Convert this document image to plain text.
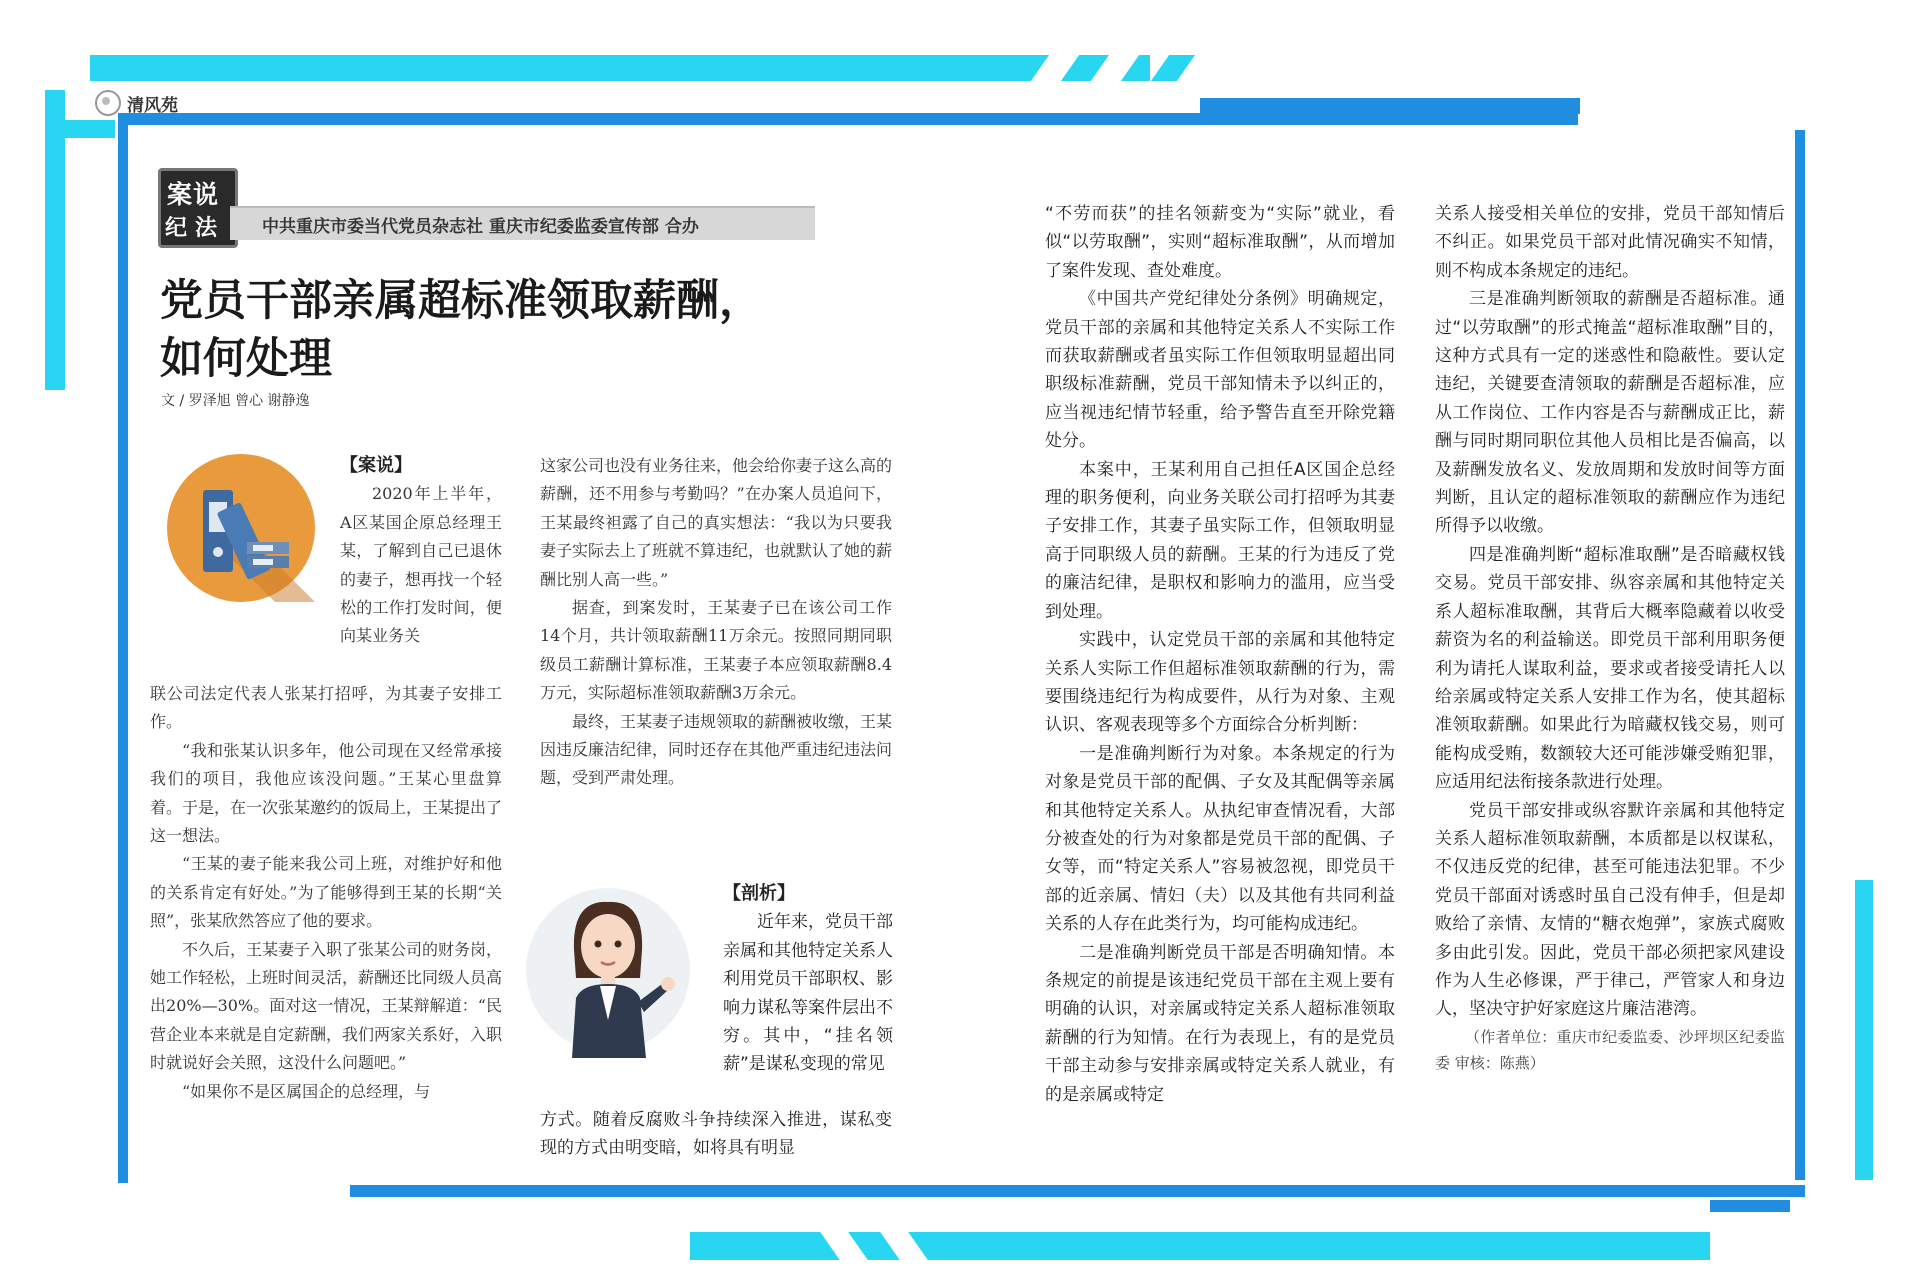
清风苑
案说
纪法 中共重庆市委当代党员杂志社 重庆市纪委监委宣传部 合办
党员干部亲属超标准领取薪酬，
如何处理
文 / 罗泽旭 曾心 谢静逸

【案说】

2020年上半年，A区某国企原总经理王某，了解到自己已退休的妻子，想再找一个轻松的工作打发时间，便向某业务关

联公司法定代表人张某打招呼，为其妻子安排工作。

“我和张某认识多年，他公司现在又经常承接我们的项目，我他应该没问题。”王某心里盘算着。于是，在一次张某邀约的饭局上，王某提出了这一想法。

“王某的妻子能来我公司上班，对维护好和他的关系肯定有好处。”为了能够得到王某的长期“关照”，张某欣然答应了他的要求。

不久后，王某妻子入职了张某公司的财务岗，她工作轻松，上班时间灵活，薪酬还比同级人员高出20%—30%。面对这一情况，王某辩解道：“民营企业本来就是自定薪酬，我们两家关系好，入职时就说好会关照，这没什么问题吧。”

“如果你不是区属国企的总经理，与

这家公司也没有业务往来，他会给你妻子这么高的薪酬，还不用参与考勤吗？”在办案人员追问下，王某最终袒露了自己的真实想法：“我以为只要我妻子实际去上了班就不算违纪，也就默认了她的薪酬比别人高一些。”

据查，到案发时，王某妻子已在该公司工作14个月，共计领取薪酬11万余元。按照同期同职级员工薪酬计算标准，王某妻子本应领取薪酬8.4万元，实际超标准领取薪酬3万余元。

最终，王某妻子违规领取的薪酬被收缴，王某因违反廉洁纪律，同时还存在其他严重违纪违法问题，受到严肃处理。

【剖析】

近年来，党员干部亲属和其他特定关系人利用党员干部职权、影响力谋私等案件层出不穷。其中，“挂名领薪”是谋私变现的常见

方式。随着反腐败斗争持续深入推进，谋私变现的方式由明变暗，如将具有明显

“不劳而获”的挂名领薪变为“实际”就业，看似“以劳取酬”，实则“超标准取酬”，从而增加了案件发现、查处难度。

《中国共产党纪律处分条例》明确规定，党员干部的亲属和其他特定关系人不实际工作而获取薪酬或者虽实际工作但领取明显超出同职级标准薪酬，党员干部知情未予以纠正的，应当视违纪情节轻重，给予警告直至开除党籍处分。

本案中，王某利用自己担任A区国企总经理的职务便利，向业务关联公司打招呼为其妻子安排工作，其妻子虽实际工作，但领取明显高于同职级人员的薪酬。王某的行为违反了党的廉洁纪律，是职权和影响力的滥用，应当受到处理。

实践中，认定党员干部的亲属和其他特定关系人实际工作但超标准领取薪酬的行为，需要围绕违纪行为构成要件，从行为对象、主观认识、客观表现等多个方面综合分析判断：

一是准确判断行为对象。本条规定的行为对象是党员干部的配偶、子女及其配偶等亲属和其他特定关系人。从执纪审查情况看，大部分被查处的行为对象都是党员干部的配偶、子女等，而“特定关系人”容易被忽视，即党员干部的近亲属、情妇（夫）以及其他有共同利益关系的人存在此类行为，均可能构成违纪。

二是准确判断党员干部是否明确知情。本条规定的前提是该违纪党员干部在主观上要有明确的认识，对亲属或特定关系人超标准领取薪酬的行为知情。在行为表现上，有的是党员干部主动参与安排亲属或特定关系人就业，有的是亲属或特定

关系人接受相关单位的安排，党员干部知情后不纠正。如果党员干部对此情况确实不知情，则不构成本条规定的违纪。

三是准确判断领取的薪酬是否超标准。通过“以劳取酬”的形式掩盖“超标准取酬”目的，这种方式具有一定的迷惑性和隐蔽性。要认定违纪，关键要查清领取的薪酬是否超标准，应从工作岗位、工作内容是否与薪酬成正比，薪酬与同时期同职位其他人员相比是否偏高，以及薪酬发放名义、发放周期和发放时间等方面判断，且认定的超标准领取的薪酬应作为违纪所得予以收缴。

四是准确判断“超标准取酬”是否暗藏权钱交易。党员干部安排、纵容亲属和其他特定关系人超标准取酬，其背后大概率隐藏着以收受薪资为名的利益输送。即党员干部利用职务便利为请托人谋取利益，要求或者接受请托人以给亲属或特定关系人安排工作为名，使其超标准领取薪酬。如果此行为暗藏权钱交易，则可能构成受贿，数额较大还可能涉嫌受贿犯罪，应适用纪法衔接条款进行处理。

党员干部安排或纵容默许亲属和其他特定关系人超标准领取薪酬，本质都是以权谋私，不仅违反党的纪律，甚至可能违法犯罪。不少党员干部面对诱惑时虽自己没有伸手，但是却败给了亲情、友情的“糖衣炮弹”，家族式腐败多由此引发。因此，党员干部必须把家风建设作为人生必修课，严于律己，严管家人和身边人，坚决守护好家庭这片廉洁港湾。

（作者单位：重庆市纪委监委、沙坪坝区纪委监委 审核：陈燕）
